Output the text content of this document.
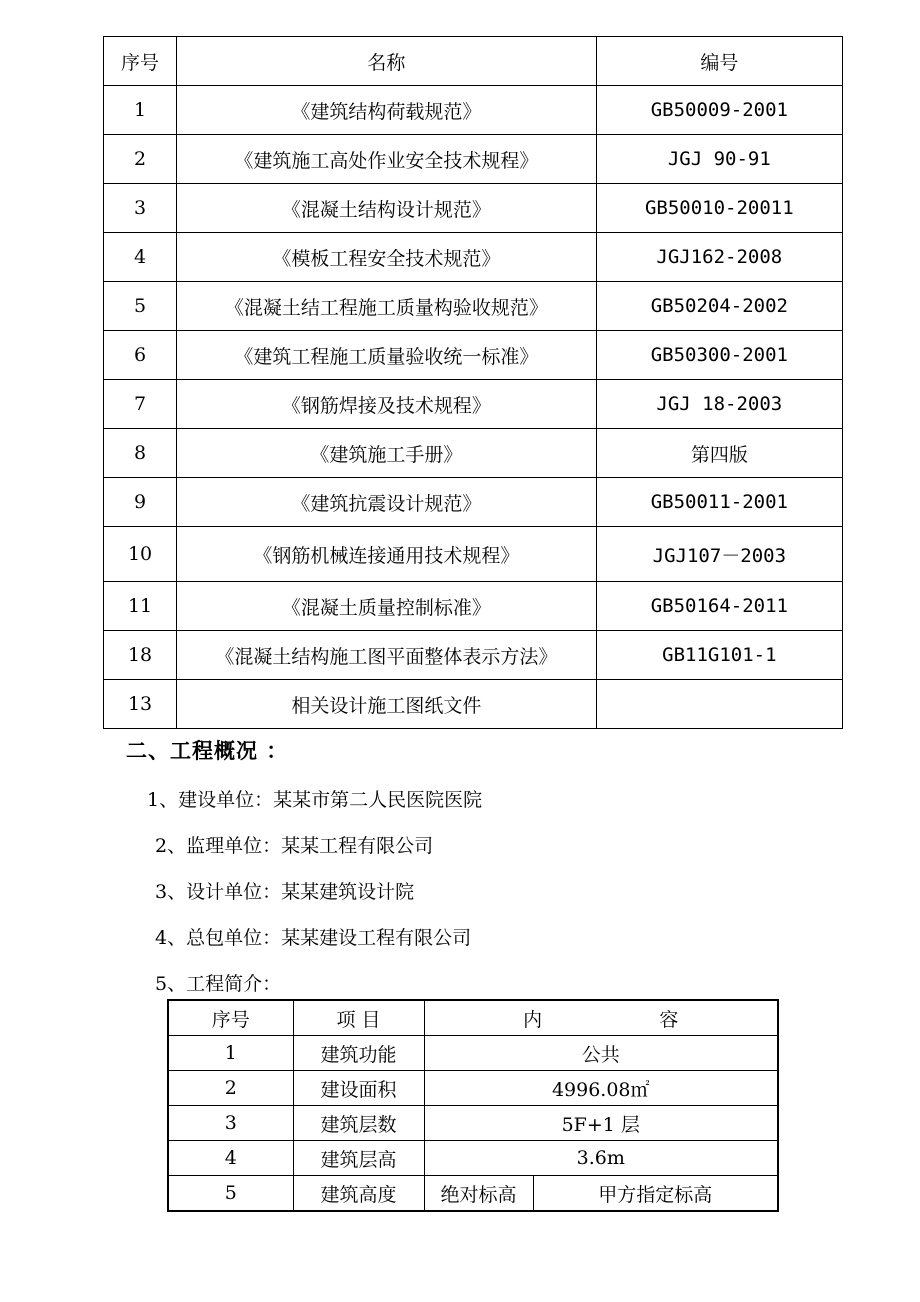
序号	名称	编号
1	《建筑结构荷载规范》	GB50009-2001
2	《建筑施工高处作业安全技术规程》	JGJ 90-91
3	《混凝土结构设计规范》	GB50010-20011
4	《模板工程安全技术规范》	JGJ162-2008
5	《混凝土结工程施工质量构验收规范》	GB50204-2002
6	《建筑工程施工质量验收统一标准》	GB50300-2001
7	《钢筋焊接及技术规程》	JGJ 18-2003
8	《建筑施工手册》	第四版
9	《建筑抗震设计规范》	GB50011-2001
10	《钢筋机械连接通用技术规程》	JGJ107－2003
11	《混凝土质量控制标准》	GB50164-2011
18	《混凝土结构施工图平面整体表示方法》	GB11G101-1
13	相关设计施工图纸文件	
二、工程概况 ：
1、建设单位：某某市第二人民医院医院
2、监理单位：某某工程有限公司
3、设计单位：某某建筑设计院
4、总包单位：某某建设工程有限公司
5、工程简介：
序号	项 目	内 容

1	建筑功能	公共
2	建设面积	4996.08㎡
3	建筑层数	5F+1 层
4	建筑层高	3.6m
5	建筑高度	绝对标高 甲方指定标高
